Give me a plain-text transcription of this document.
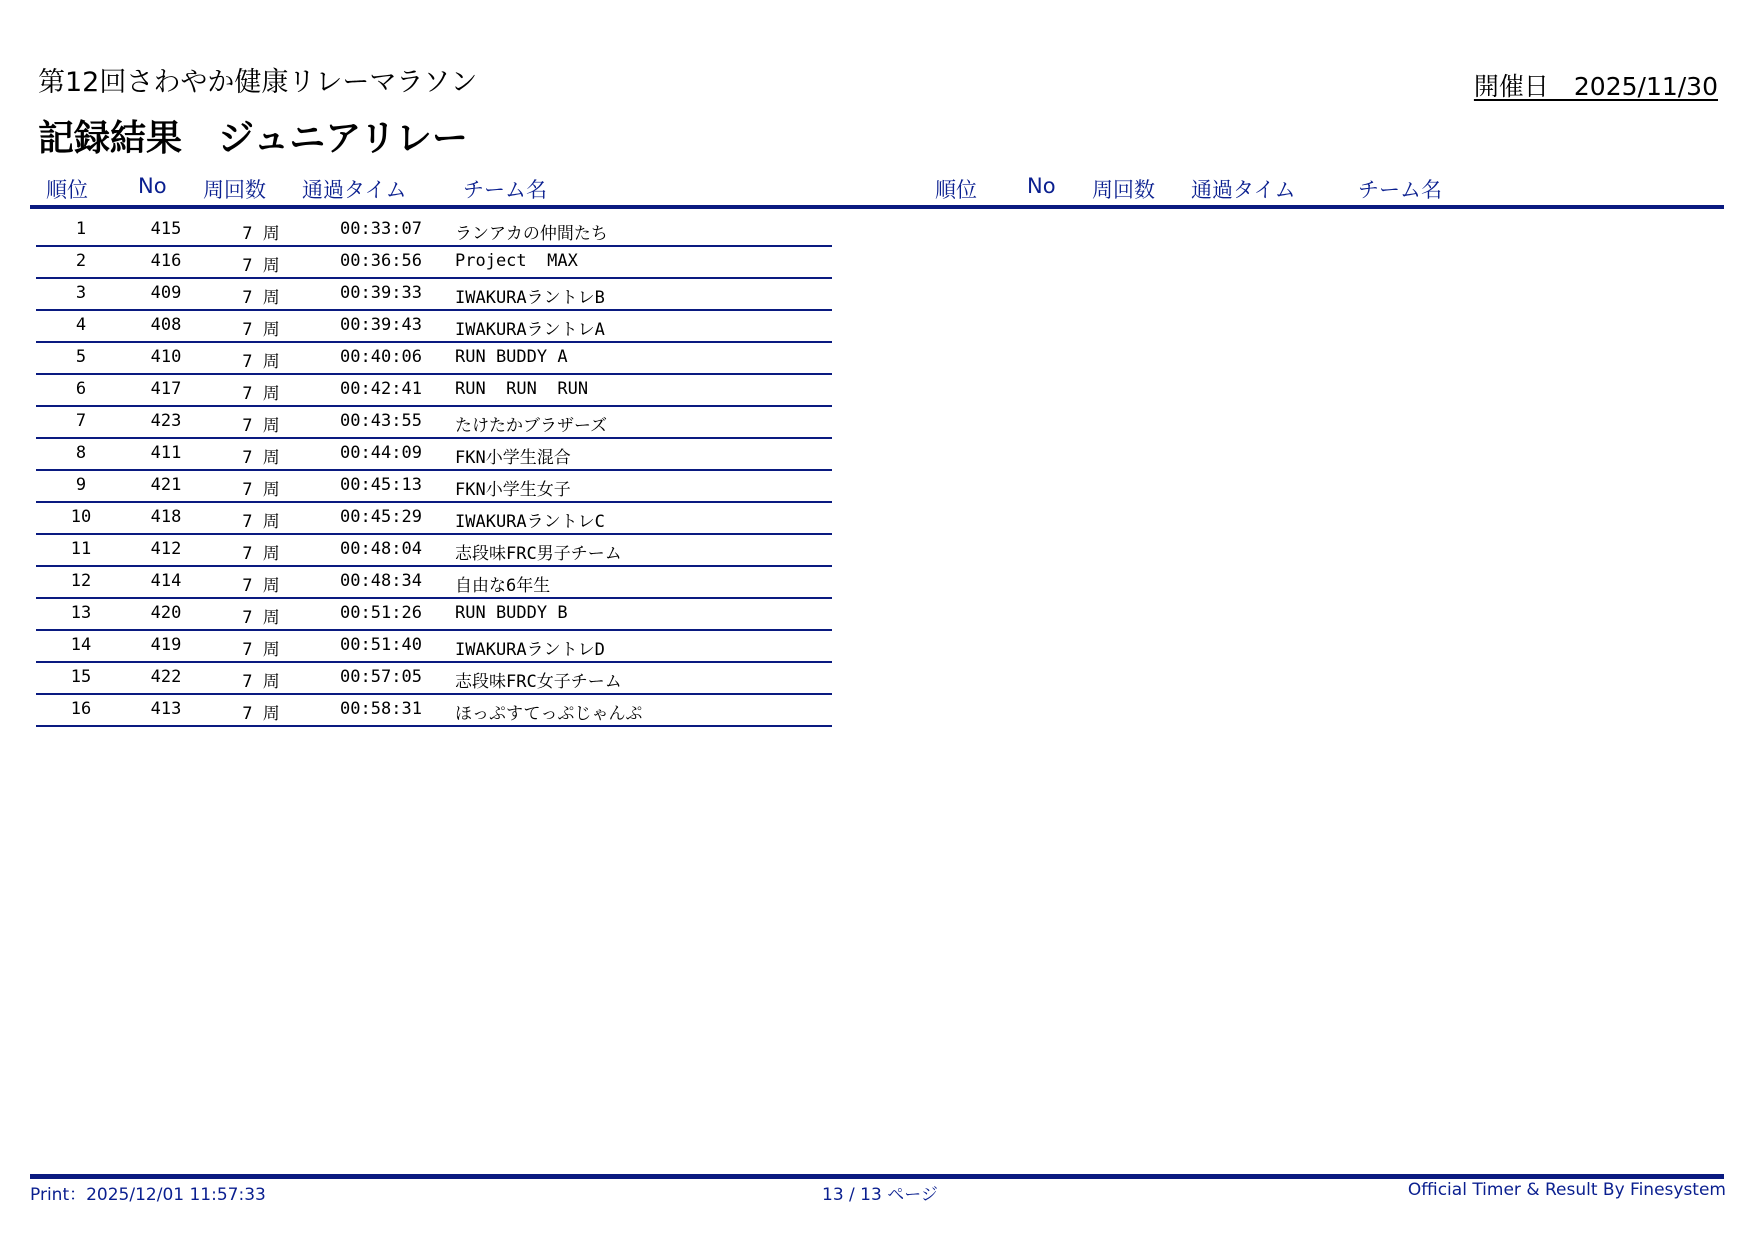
第12回さわやか健康リレーマラソン	開催日　2025/11/30
記録結果　ジュニアリレー
順位 No 周回数 通過タイム	チーム名	順位 No 周回数 通過タイム	チーム名
1	415	7 周	00:33:07	ランアカの仲間たち
2	416	7 周	00:36:56	Project  MAX
3	409	7 周	00:39:33	IWAKURAラントレB
4	408	7 周	00:39:43	IWAKURAラントレA
5	410	7 周	00:40:06	RUN BUDDY A
6	417	7 周	00:42:41	RUN  RUN  RUN
7	423	7 周	00:43:55	たけたかブラザーズ
8	411	7 周	00:44:09	FKN小学生混合
9	421	7 周	00:45:13	FKN小学生女子
10	418	7 周	00:45:29	IWAKURAラントレC
11	412	7 周	00:48:04	志段味FRC男子チーム
12	414	7 周	00:48:34	自由な6年生
13	420	7 周	00:51:26	RUN BUDDY B
14	419	7 周	00:51:40	IWAKURAラントレD
15	422	7 周	00:57:05	志段味FRC女子チーム
16	413	7 周	00:58:31	ほっぷすてっぷじゃんぷ
Print：2025/12/01 11:57:33	13 / 13 ページ	Official Timer & Result By Finesystem
